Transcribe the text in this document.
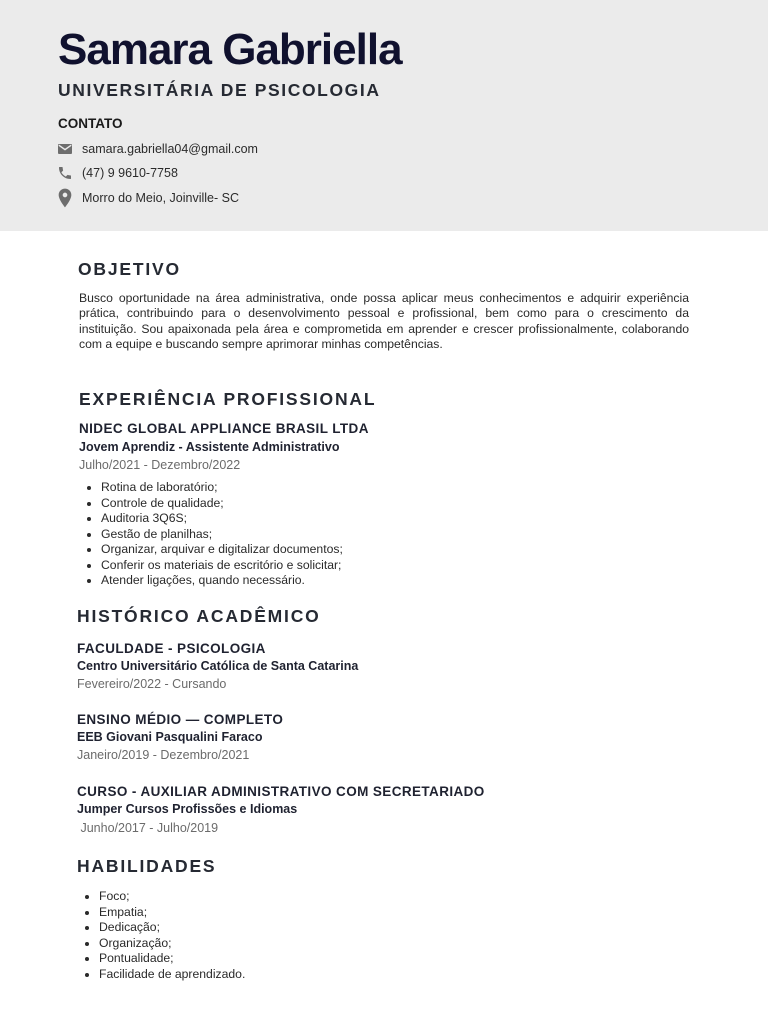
Samara Gabriella
UNIVERSITÁRIA DE PSICOLOGIA
CONTATO
samara.gabriella04@gmail.com
(47) 9 9610-7758
Morro do Meio, Joinville- SC
OBJETIVO

Busco oportunidade na área administrativa, onde possa aplicar meus conhecimentos e adquirir experiência prática, contribuindo para o desenvolvimento pessoal e profissional, bem como para o crescimento da instituição. Sou apaixonada pela área e comprometida em aprender e crescer profissionalmente, colaborando com a equipe e buscando sempre aprimorar minhas competências.

EXPERIÊNCIA PROFISSIONAL
NIDEC GLOBAL APPLIANCE BRASIL LTDA
Jovem Aprendiz - Assistente Administrativo
Julho/2021 - Dezembro/2022
• Rotina de laboratório;
• Controle de qualidade;
• Auditoria 3Q6S;
• Gestão de planilhas;
• Organizar, arquivar e digitalizar documentos;
• Conferir os materiais de escritório e solicitar;
• Atender ligações, quando necessário.
HISTÓRICO ACADÊMICO
FACULDADE - PSICOLOGIA
Centro Universitário Católica de Santa Catarina
Fevereiro/2022 - Cursando
ENSINO MÉDIO — COMPLETO
EEB Giovani Pasqualini Faraco
Janeiro/2019 - Dezembro/2021
CURSO - AUXILIAR ADMINISTRATIVO COM SECRETARIADO
Jumper Cursos Profissões e Idiomas
Junho/2017 - Julho/2019
HABILIDADES
• Foco;
• Empatia;
• Dedicação;
• Organização;
• Pontualidade;
• Facilidade de aprendizado.
